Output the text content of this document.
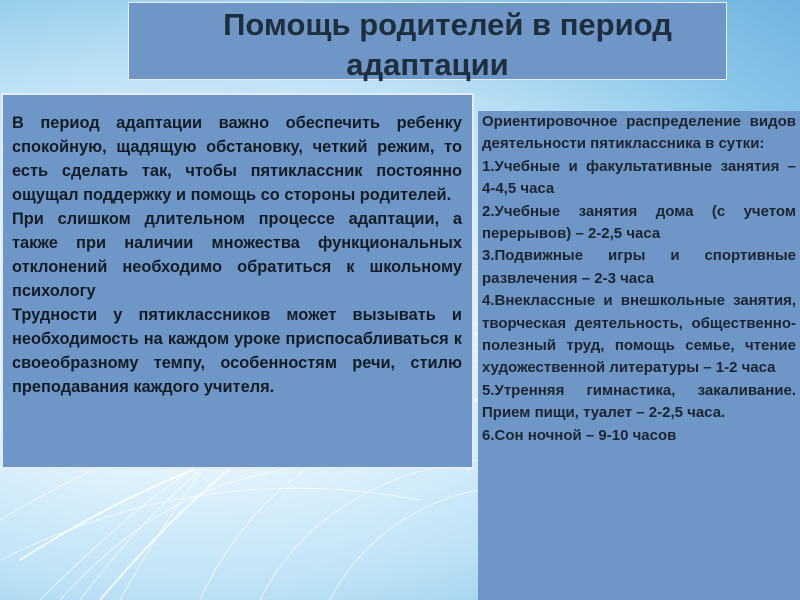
Помощь родителей в период
адаптации

В период адаптации важно обеспечить ребенку спокойную, щадящую обстановку, четкий режим, то есть сделать так, чтобы пятиклассник постоянно ощущал поддержку и помощь со стороны родителей.

При слишком длительном процессе адаптации, а также при наличии множества функциональных отклонений необходимо обратиться к школьному психологу

Трудности у пятиклассников может вызывать и необходимость на каждом уроке приспосабливаться к своеобразному темпу, особенностям речи, стилю преподавания каждого учителя.

Ориентировочное распределение видов деятельности пятиклассника в сутки:

1.Учебные и факультативные занятия – 4-4,5 часа

2.Учебные занятия дома (с учетом перерывов) – 2-2,5 часа

3.Подвижные игры и спортивные развлечения – 2-3 часа

4.Внеклассные и внешкольные занятия, творческая деятельность, общественно-полезный труд, помощь семье, чтение художественной литературы – 1-2 часа

5.Утренняя гимнастика, закаливание. Прием пищи, туалет – 2-2,5 часа.

6.Сон ночной – 9-10 часов
